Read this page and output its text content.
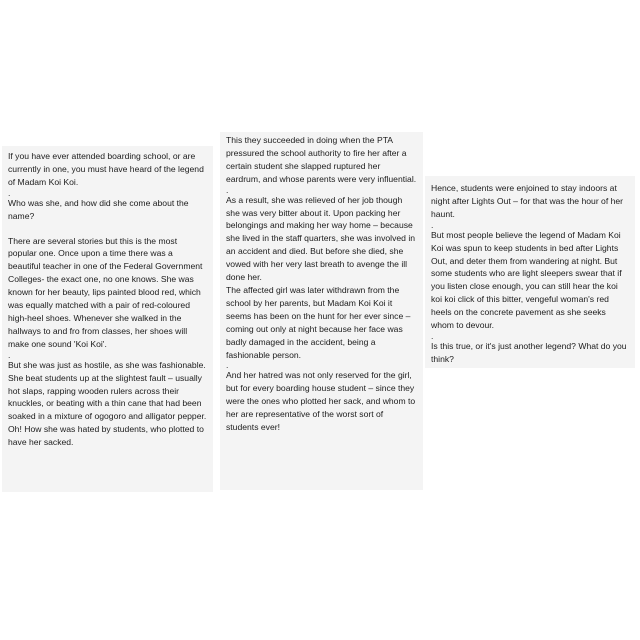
If you have ever attended boarding school, or are currently in one, you must have heard of the legend of Madam Koi Koi.

.

Who was she, and how did she come about the name?

There are several stories but this is the most popular one. Once upon a time there was a beautiful teacher in one of the Federal Government Colleges- the exact one, no one knows. She was known for her beauty, lips painted blood red, which was equally matched with a pair of red-coloured high-heel shoes. Whenever she walked in the hallways to and fro from classes, her shoes will make one sound 'Koi Koi'.

.

But she was just as hostile, as she was fashionable. She beat students up at the slightest fault – usually hot slaps, rapping wooden rulers across their knuckles, or beating with a thin cane that had been soaked in a mixture of ogogoro and alligator pepper. Oh! How she was hated by students, who plotted to have her sacked.

This they succeeded in doing when the PTA pressured the school authority to fire her after a certain student she slapped ruptured her eardrum, and whose parents were very influential.

.

As a result, she was relieved of her job though she was very bitter about it. Upon packing her belongings and making her way home – because she lived in the staff quarters, she was involved in an accident and died. But before she died, she vowed with her very last breath to avenge the ill done her.

The affected girl was later withdrawn from the school by her parents, but Madam Koi Koi it seems has been on the hunt for her ever since – coming out only at night because her face was badly damaged in the accident, being a fashionable person.

.

And her hatred was not only reserved for the girl, but for every boarding house student – since they were the ones who plotted her sack, and whom to her are representative of the worst sort of students ever!

Hence, students were enjoined to stay indoors at night after Lights Out – for that was the hour of her haunt.

.

But most people believe the legend of Madam Koi Koi was spun to keep students in bed after Lights Out, and deter them from wandering at night. But some students who are light sleepers swear that if you listen close enough, you can still hear the koi koi koi click of this bitter, vengeful woman's red heels on the concrete pavement as she seeks whom to devour.

.

Is this true, or it's just another legend? What do you think?
